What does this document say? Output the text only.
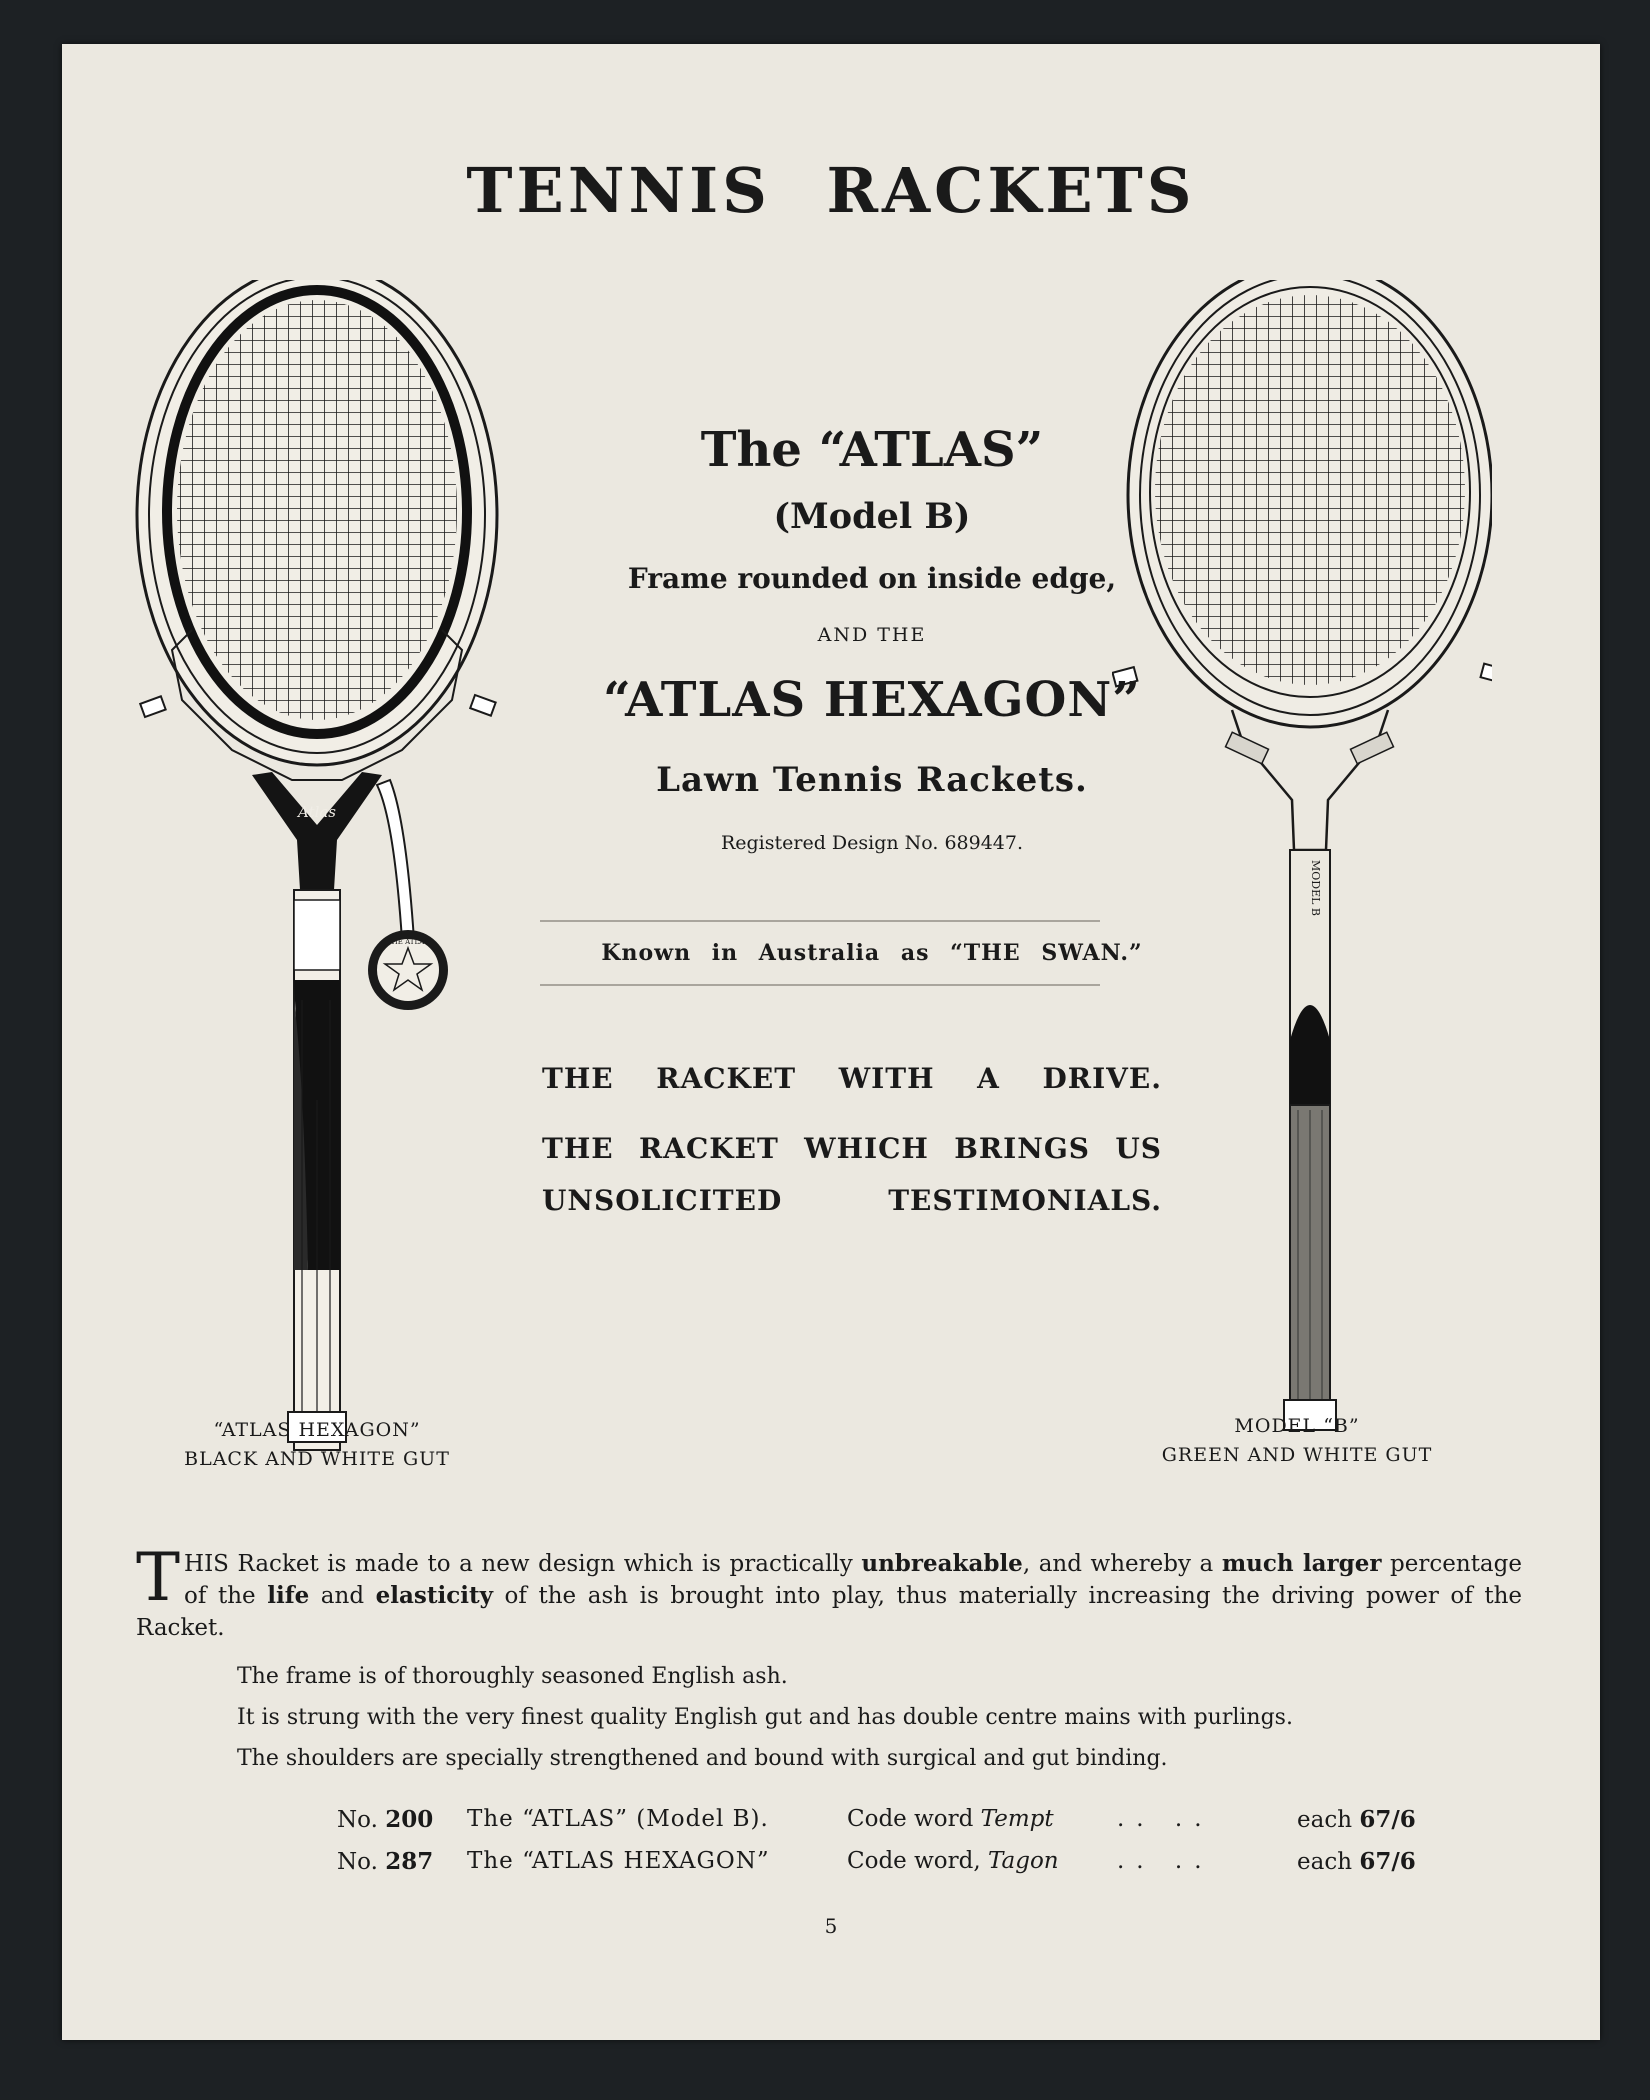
TENNIS RACKETS
Atlas
THE ATLAS
MODEL B
“ATLAS HEXAGON”
BLACK AND WHITE GUT
MODEL “B”
GREEN AND WHITE GUT
The “ATLAS”
(Model B)
Frame rounded on inside edge,
AND THE
“ATLAS HEXAGON”
Lawn Tennis Rackets.
Registered Design No. 689447.
Known in Australia as “THE SWAN.”
THE RACKET WITH A DRIVE.
THE RACKET WHICH BRINGS US
UNSOLICITED TESTIMONIALS.
THIS Racket is made to a new design which is practically unbreakable, and whereby a much larger percentage of the life and elasticity of the ash is brought into play, thus materially increasing the driving power of the Racket.
The frame is of thoroughly seasoned English ash.
It is strung with the very finest quality English gut and has double centre mains with purlings.
The shoulders are specially strengthened and bound with surgical and gut binding.
No. 200 The “ATLAS” (Model B).	Code word Tempt	.. ..	each 67/6
No. 287 The “ATLAS HEXAGON”	Code word, Tagon	.. ..	each 67/6
5
